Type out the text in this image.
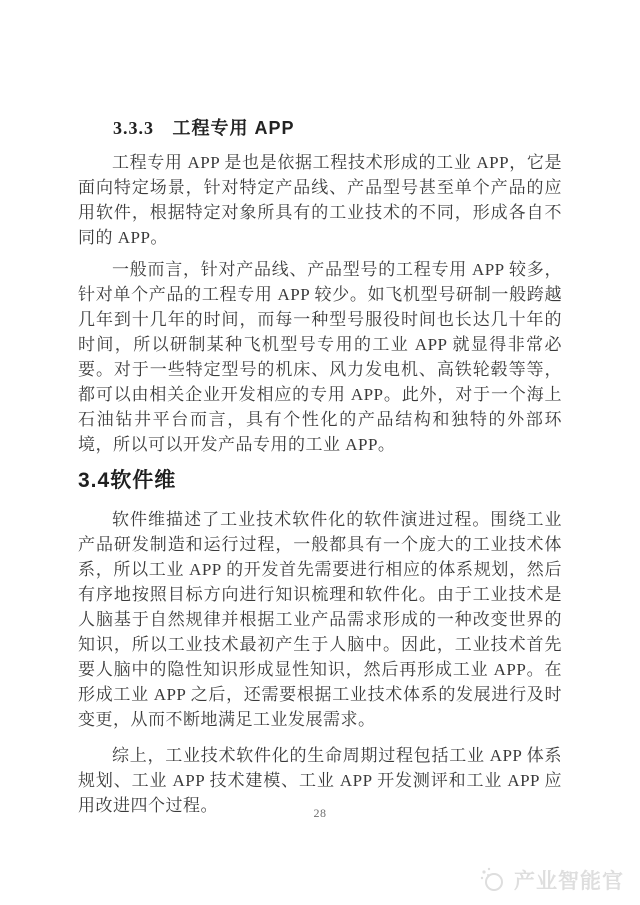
3.3.3 工程专用 APP

工程专用 APP 是也是依据工程技术形成的工业 APP，它是面向特定场景，针对特定产品线、产品型号甚至单个产品的应用软件，根据特定对象所具有的工业技术的不同，形成各自不同的 APP。

一般而言，针对产品线、产品型号的工程专用 APP 较多，针对单个产品的工程专用 APP 较少。如飞机型号研制一般跨越几年到十几年的时间，而每一种型号服役时间也长达几十年的时间，所以研制某种飞机型号专用的工业 APP 就显得非常必要。对于一些特定型号的机床、风力发电机、高铁轮毂等等，都可以由相关企业开发相应的专用 APP。此外，对于一个海上石油钻井平台而言，具有个性化的产品结构和独特的外部环境，所以可以开发产品专用的工业 APP。

3.4软件维

软件维描述了工业技术软件化的软件演进过程。围绕工业产品研发制造和运行过程，一般都具有一个庞大的工业技术体系，所以工业 APP 的开发首先需要进行相应的体系规划，然后有序地按照目标方向进行知识梳理和软件化。由于工业技术是人脑基于自然规律并根据工业产品需求形成的一种改变世界的知识，所以工业技术最初产生于人脑中。因此，工业技术首先要人脑中的隐性知识形成显性知识，然后再形成工业 APP。在形成工业 APP 之后，还需要根据工业技术体系的发展进行及时变更，从而不断地满足工业发展需求。

综上，工业技术软件化的生命周期过程包括工业 APP 体系规划、工业 APP 技术建模、工业 APP 开发测评和工业 APP 应用改进四个过程。	28
产业智能官
